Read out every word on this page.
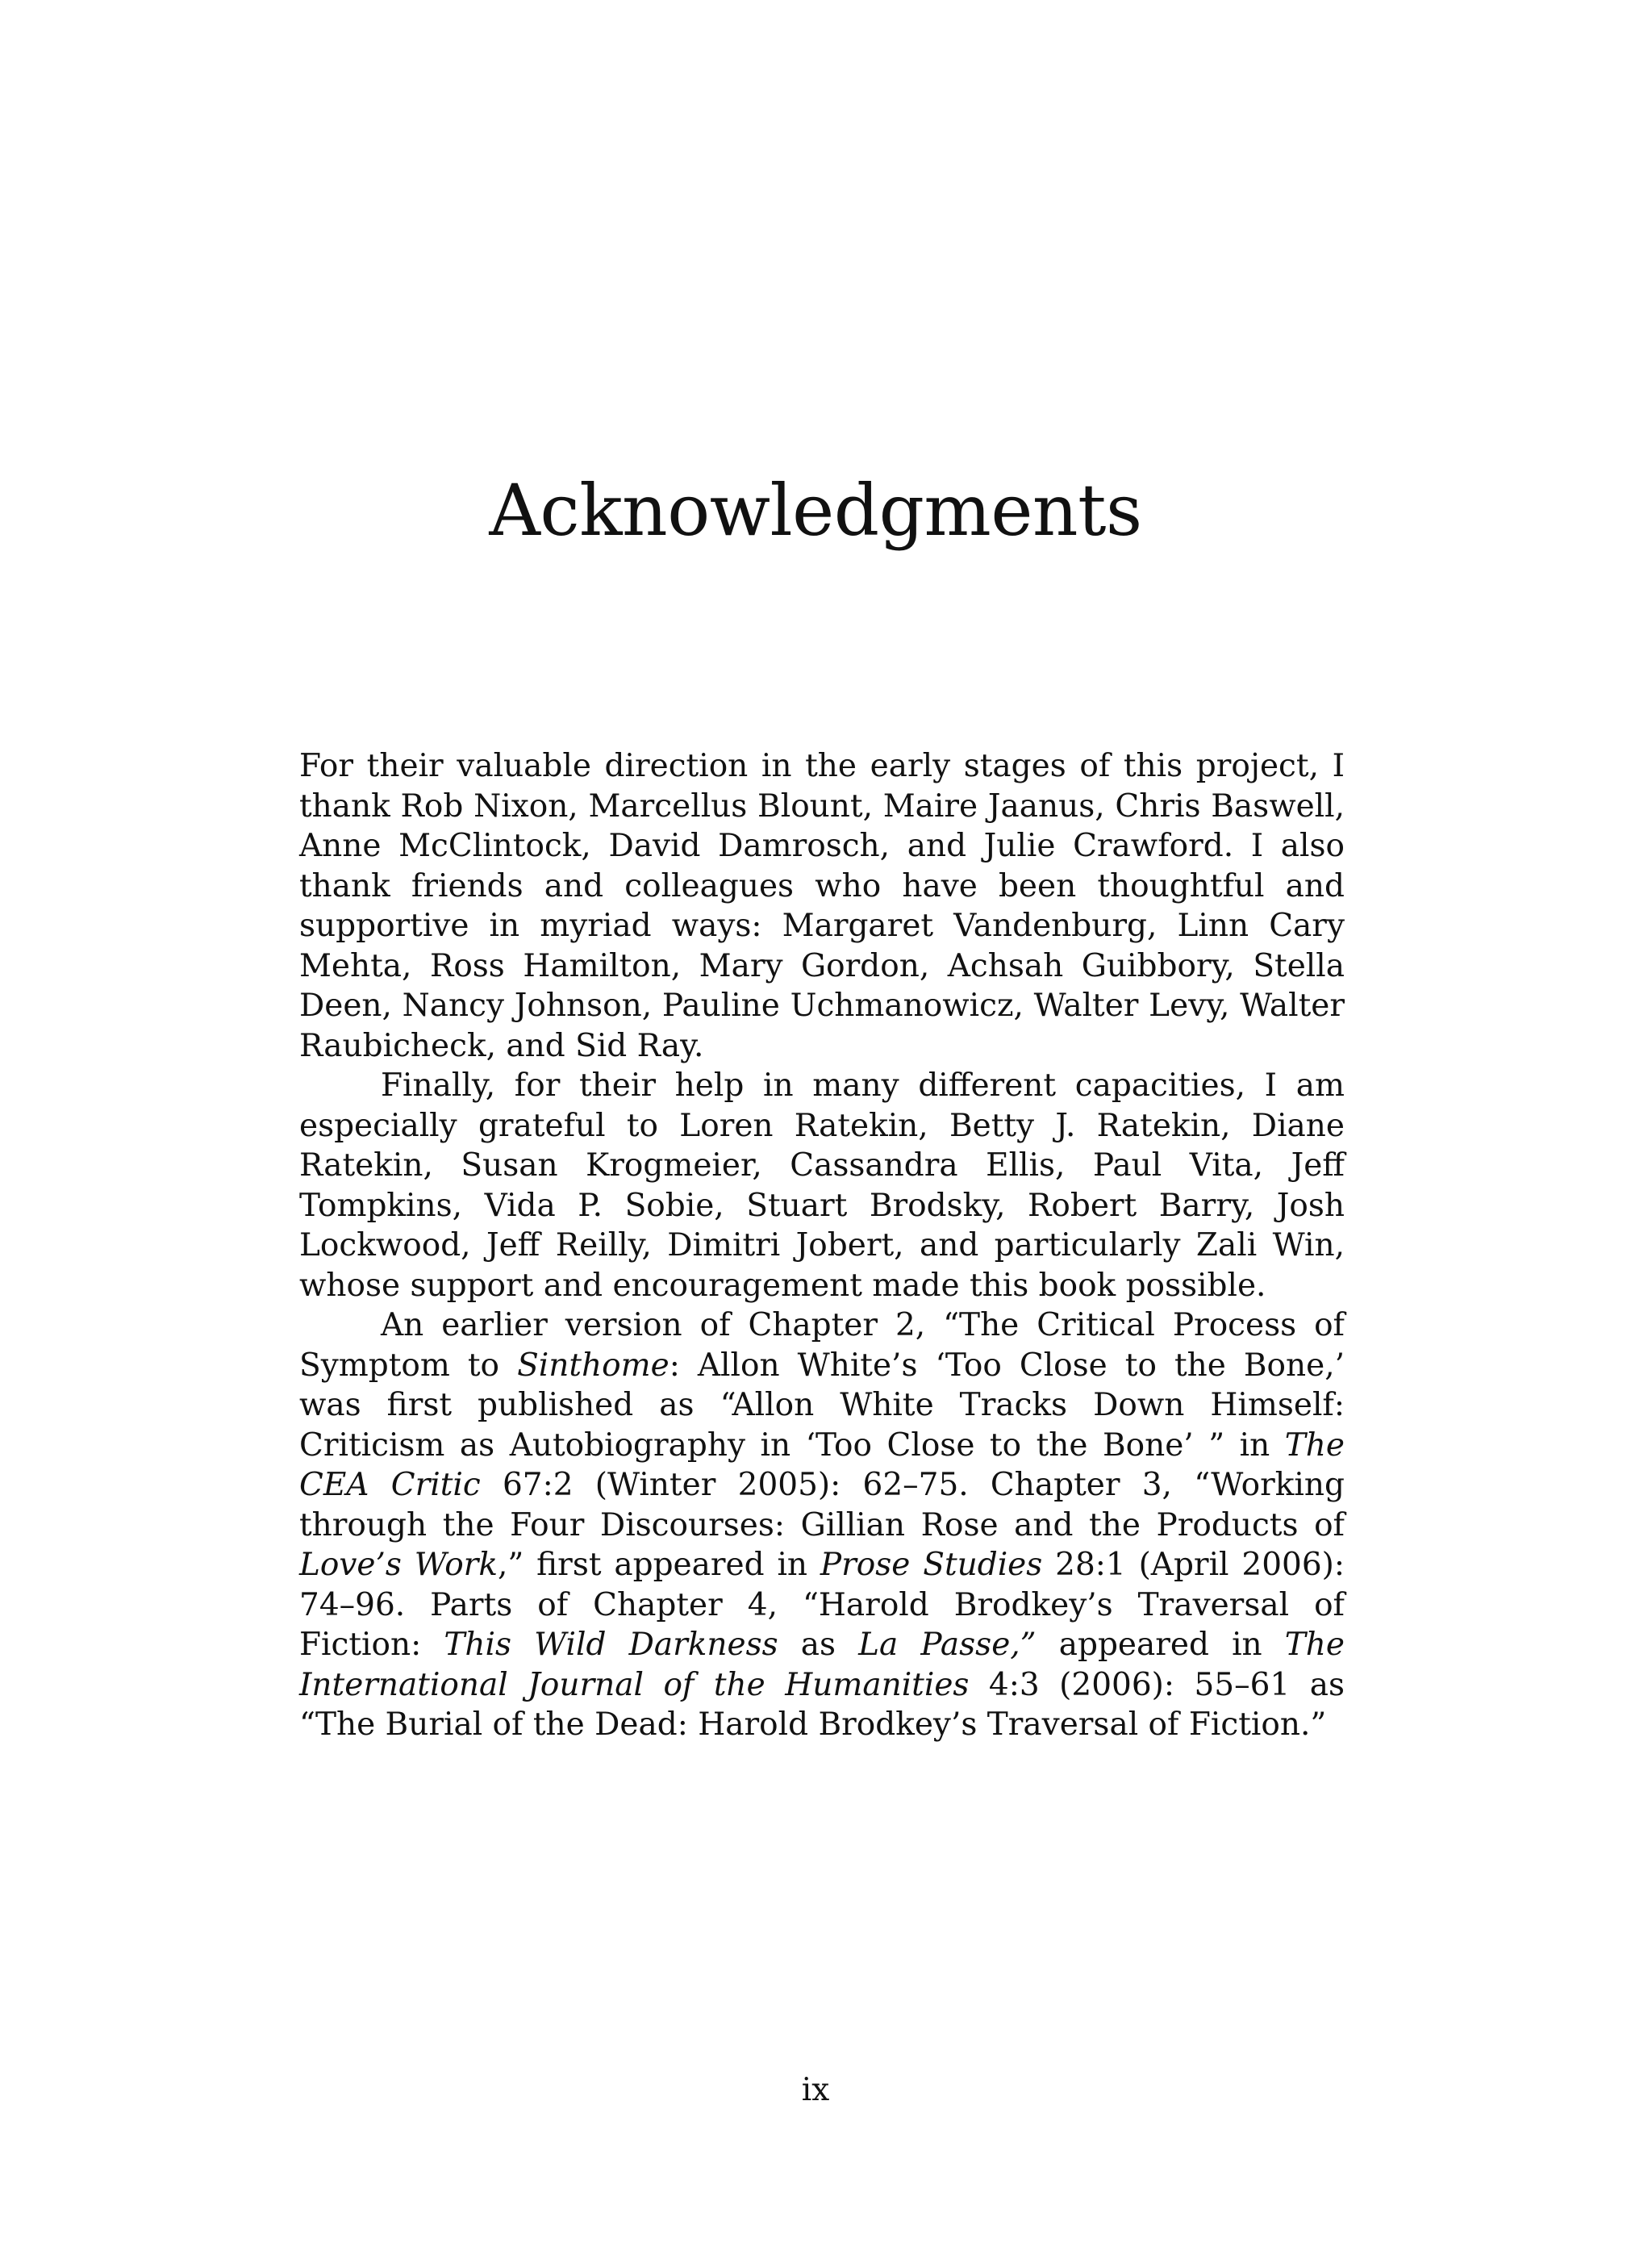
Acknowledgments

For their valuable direction in the early stages of this project, I thank Rob Nixon, Marcellus Blount, Maire Jaanus, Chris Baswell, Anne McClintock, David Damrosch, and Julie Crawford. I also thank friends and colleagues who have been thoughtful and supportive in myriad ways: Margaret Vandenburg, Linn Cary Mehta, Ross Hamilton, Mary Gordon, Achsah Guibbory, Stella Deen, Nancy Johnson, Pauline Uchmanowicz, Walter Levy, Walter Raubicheck, and Sid Ray.

Finally, for their help in many different capacities, I am especially grateful to Loren Ratekin, Betty J. Ratekin, Diane Ratekin, Susan Krogmeier, Cassandra Ellis, Paul Vita, Jeff Tompkins, Vida P. Sobie, Stuart Brodsky, Robert Barry, Josh Lockwood, Jeff Reilly, Dimitri Jobert, and particularly Zali Win, whose support and encouragement made this book possible.

An earlier version of Chapter 2, “The Critical Process of Symptom to Sinthome: Allon White’s ‘Too Close to the Bone,’ was first published as “Allon White Tracks Down Himself: Criticism as Autobiography in ‘Too Close to the Bone’ ” in The CEA Critic 67:2 (Winter 2005): 62–75. Chapter 3, “Working through the Four Discourses: Gillian Rose and the Products of Love’s Work,” first appeared in Prose Studies 28:1 (April 2006): 74–96. Parts of Chapter 4, “Harold Brodkey’s Traversal of Fiction: This Wild Darkness as La Passe,” appeared in The International Journal of the Humanities 4:3 (2006): 55–61 as “The Burial of the Dead: Harold Brodkey’s Traversal of Fiction.”

ix
